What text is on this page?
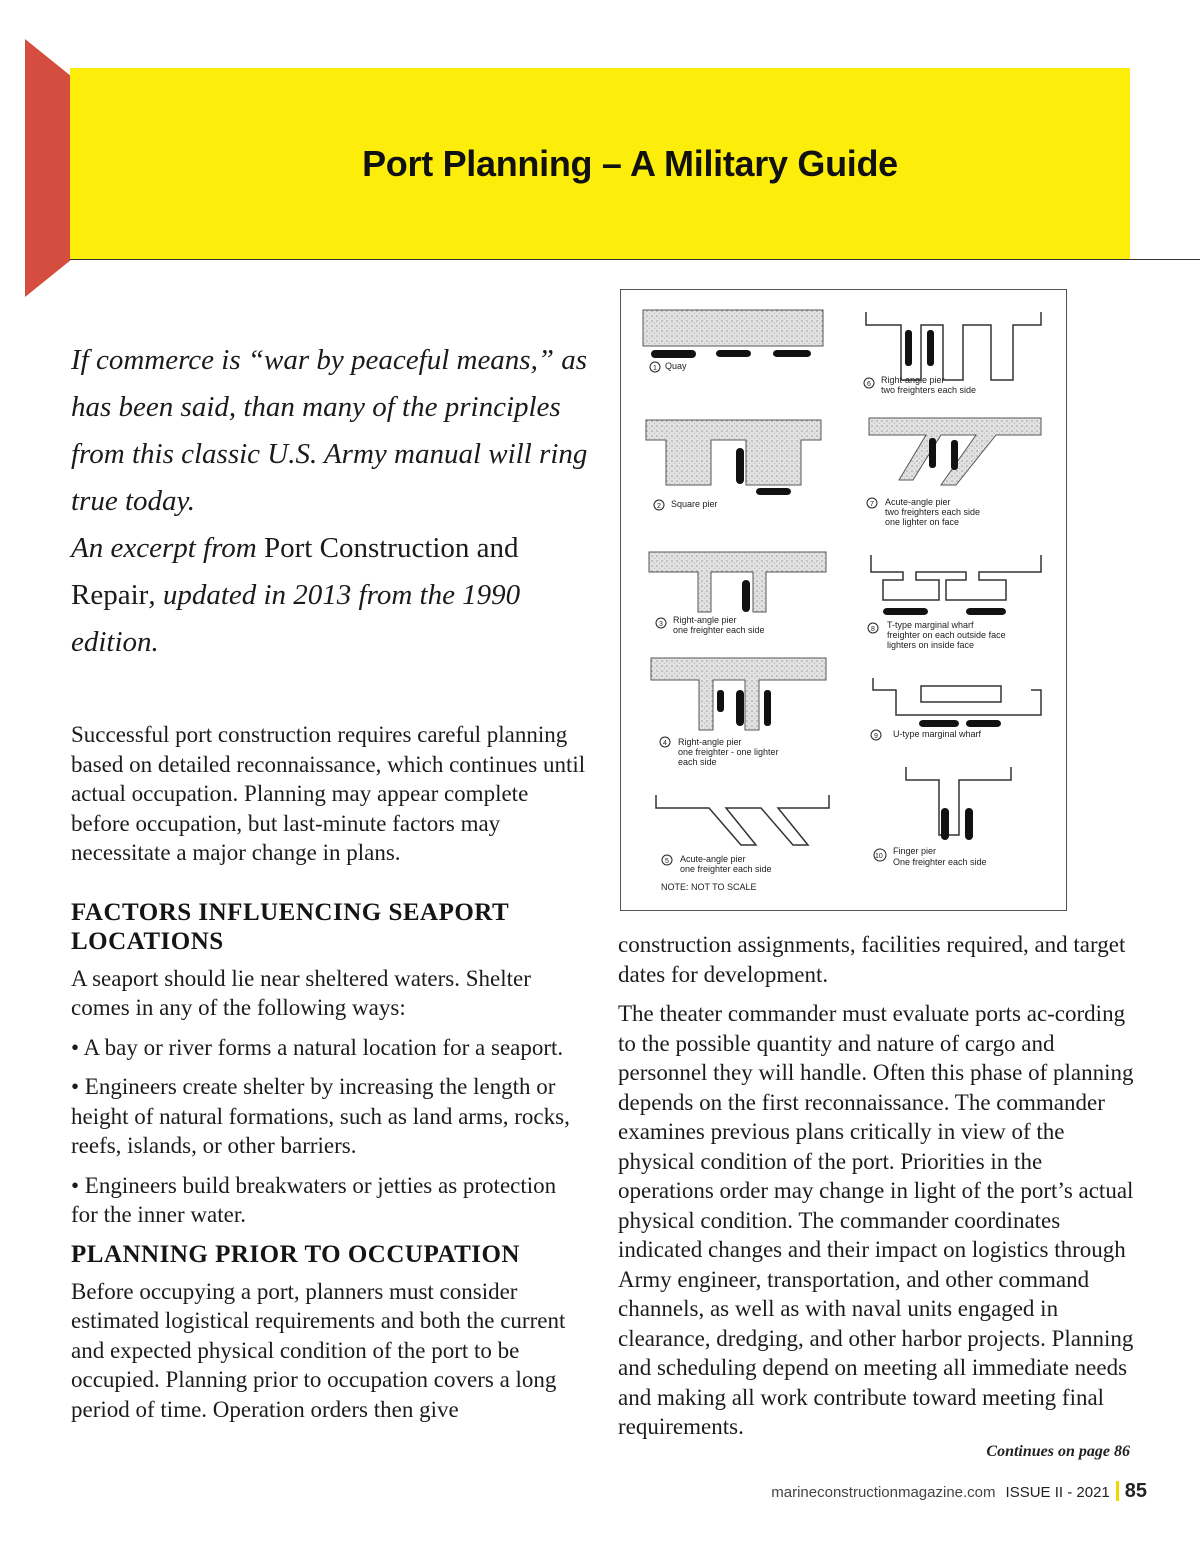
Port Planning – A Military Guide
If commerce is “war by peaceful means,” as has been said, than many of the principles from this classic U.S. Army manual will ring true today.
An excerpt from Port Construction and Repair, updated in 2013 from the 1990 edition.

Successful port construction requires careful planning based on detailed reconnaissance, which continues until actual occupation. Planning may appear complete before occupation, but last-minute factors may necessitate a major change in plans.

FACTORS INFLUENCING SEAPORT LOCATIONS

A seaport should lie near sheltered waters. Shelter comes in any of the following ways:

• A bay or river forms a natural location for a seaport.

• Engineers create shelter by increasing the length or height of natural formations, such as land arms, rocks, reefs, islands, or other barriers.

• Engineers build breakwaters or jetties as protection for the inner water.

PLANNING PRIOR TO OCCUPATION

Before occupying a port, planners must consider estimated logistical requirements and both the current and expected physical condition of the port to be occupied. Planning prior to occupation covers a long period of time. Operation orders then give

construction assignments, facilities required, and target dates for development.

The theater commander must evaluate ports ac-cording to the possible quantity and nature of cargo and personnel they will handle. Often this phase of planning depends on the first reconnaissance. The commander examines previous plans critically in view of the physical condition of the port. Priorities in the operations order may change in light of the port’s actual physical condition. The commander coordinates indicated changes and their impact on logistics through Army engineer, transportation, and other command channels, as well as with naval units engaged in clearance, dredging, and other harbor projects. Planning and scheduling depend on meeting all immediate needs and making all work contribute toward meeting final requirements.

Continues on page 86
1 Quay
2 Square pier
3 Right-angle pier
one freighter each side
4 Right-angle pier
one freighter - one lighter
each side
5 Acute-angle pier
one freighter each side
6 Right-angle pier
two freighters each side
7 Acute-angle pier
two freighters each side
one lighter on face
8 T-type marginal wharf
freighter on each outside face
lighters on inside face
9 U-type marginal wharf
10
Finger pier
One freighter each side
NOTE: NOT TO SCALE
marineconstructionmagazine.com ISSUE II - 2021 85
